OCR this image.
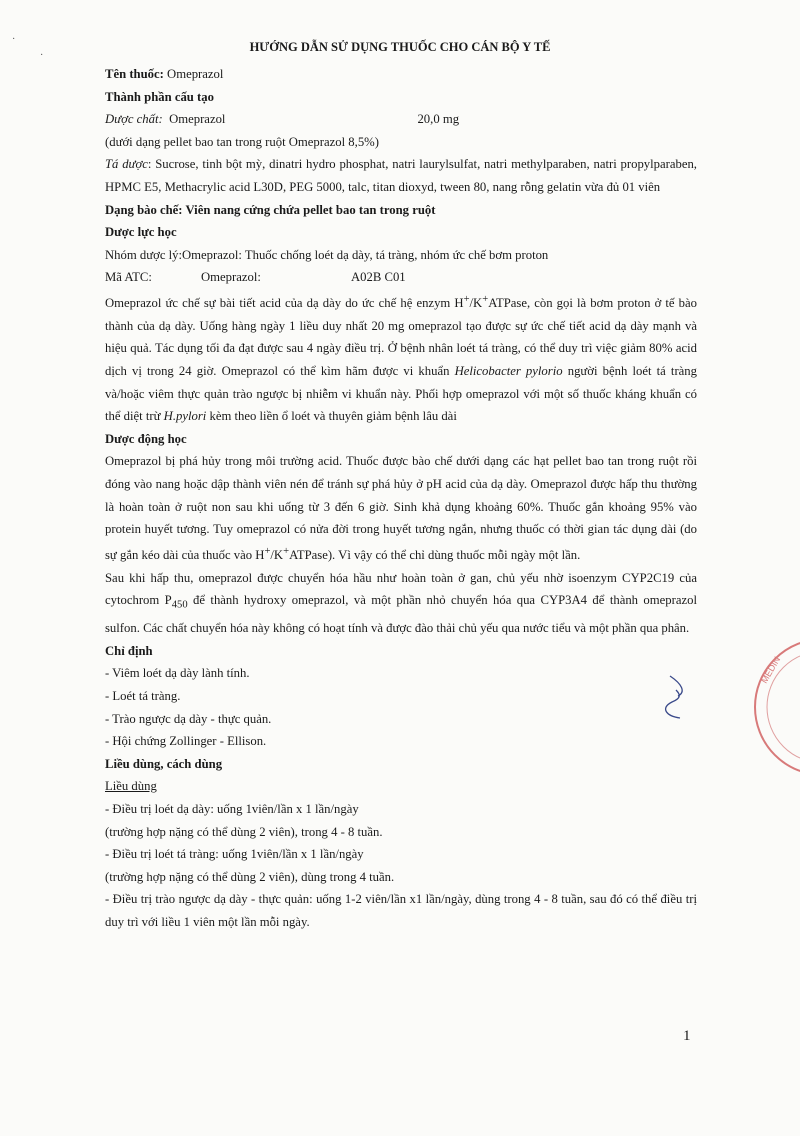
·
·
HƯỚNG DẪN SỬ DỤNG THUỐC CHO CÁN BỘ Y TẾ

Tên thuốc: Omeprazol

Thành phần cấu tạo

Dược chất: Omeprazol	20,0 mg

(dưới dạng pellet bao tan trong ruột Omeprazol 8,5%)

Tá dược: Sucrose, tinh bột mỳ, dinatri hydro phosphat, natri laurylsulfat, natri methylparaben, natri propylparaben, HPMC E5, Methacrylic acid L30D, PEG 5000, talc, titan dioxyd, tween 80, nang rỗng gelatin vừa đủ 01 viên

Dạng bào chế: Viên nang cứng chứa pellet bao tan trong ruột

Dược lực học

Nhóm dược lý:Omeprazol: Thuốc chống loét dạ dày, tá tràng, nhóm ức chế bơm proton

Mã ATC:	Omeprazol:	A02B C01

Omeprazol ức chế sự bài tiết acid của dạ dày do ức chế hệ enzym H+/K+ATPase, còn gọi là bơm proton ở tế bào thành của dạ dày. Uống hàng ngày 1 liều duy nhất 20 mg omeprazol tạo được sự ức chế tiết acid dạ dày mạnh và hiệu quả. Tác dụng tối đa đạt được sau 4 ngày điều trị. Ở bệnh nhân loét tá tràng, có thể duy trì việc giảm 80% acid dịch vị trong 24 giờ. Omeprazol có thể kìm hãm được vi khuẩn Helicobacter pylorio người bệnh loét tá tràng và/hoặc viêm thực quản trào ngược bị nhiễm vi khuẩn này. Phối hợp omeprazol với một số thuốc kháng khuẩn có thể diệt trừ H.pylori kèm theo liền ổ loét và thuyên giảm bệnh lâu dài

Dược động học

Omeprazol bị phá hủy trong môi trường acid. Thuốc được bào chế dưới dạng các hạt pellet bao tan trong ruột rồi đóng vào nang hoặc dập thành viên nén để tránh sự phá hủy ở pH acid của dạ dày. Omeprazol được hấp thu thường là hoàn toàn ở ruột non sau khi uống từ 3 đến 6 giờ. Sinh khả dụng khoảng 60%. Thuốc gắn khoảng 95% vào protein huyết tương. Tuy omeprazol có nửa đời trong huyết tương ngắn, nhưng thuốc có thời gian tác dụng dài (do sự gắn kéo dài của thuốc vào H+/K+ATPase). Vì vậy có thể chỉ dùng thuốc mỗi ngày một lần.

Sau khi hấp thu, omeprazol được chuyển hóa hầu như hoàn toàn ở gan, chủ yếu nhờ isoenzym CYP2C19 của cytochrom $P_{450}$ để thành hydroxy omeprazol, và một phần nhỏ chuyển hóa qua CYP3A4 để thành omeprazol sulfon. Các chất chuyển hóa này không có hoạt tính và được đào thải chủ yếu qua nước tiểu và một phần qua phân.

Chỉ định

- Viêm loét dạ dày lành tính.

- Loét tá tràng.

- Trào ngược dạ dày - thực quản.

- Hội chứng Zollinger - Ellison.

Liều dùng, cách dùng

Liều dùng

- Điều trị loét dạ dày: uống 1viên/lần x 1 lần/ngày

(trường hợp nặng có thể dùng 2 viên), trong 4 - 8 tuần.

- Điều trị loét tá tràng: uống 1viên/lần x 1 lần/ngày

(trường hợp nặng có thể dùng 2 viên), dùng trong 4 tuần.

- Điều trị trào ngược dạ dày - thực quản: uống 1-2 viên/lần x1 lần/ngày, dùng trong 4 - 8 tuần, sau đó có thể điều trị duy trì với liều 1 viên một lần mỗi ngày.

MEDIN
1
